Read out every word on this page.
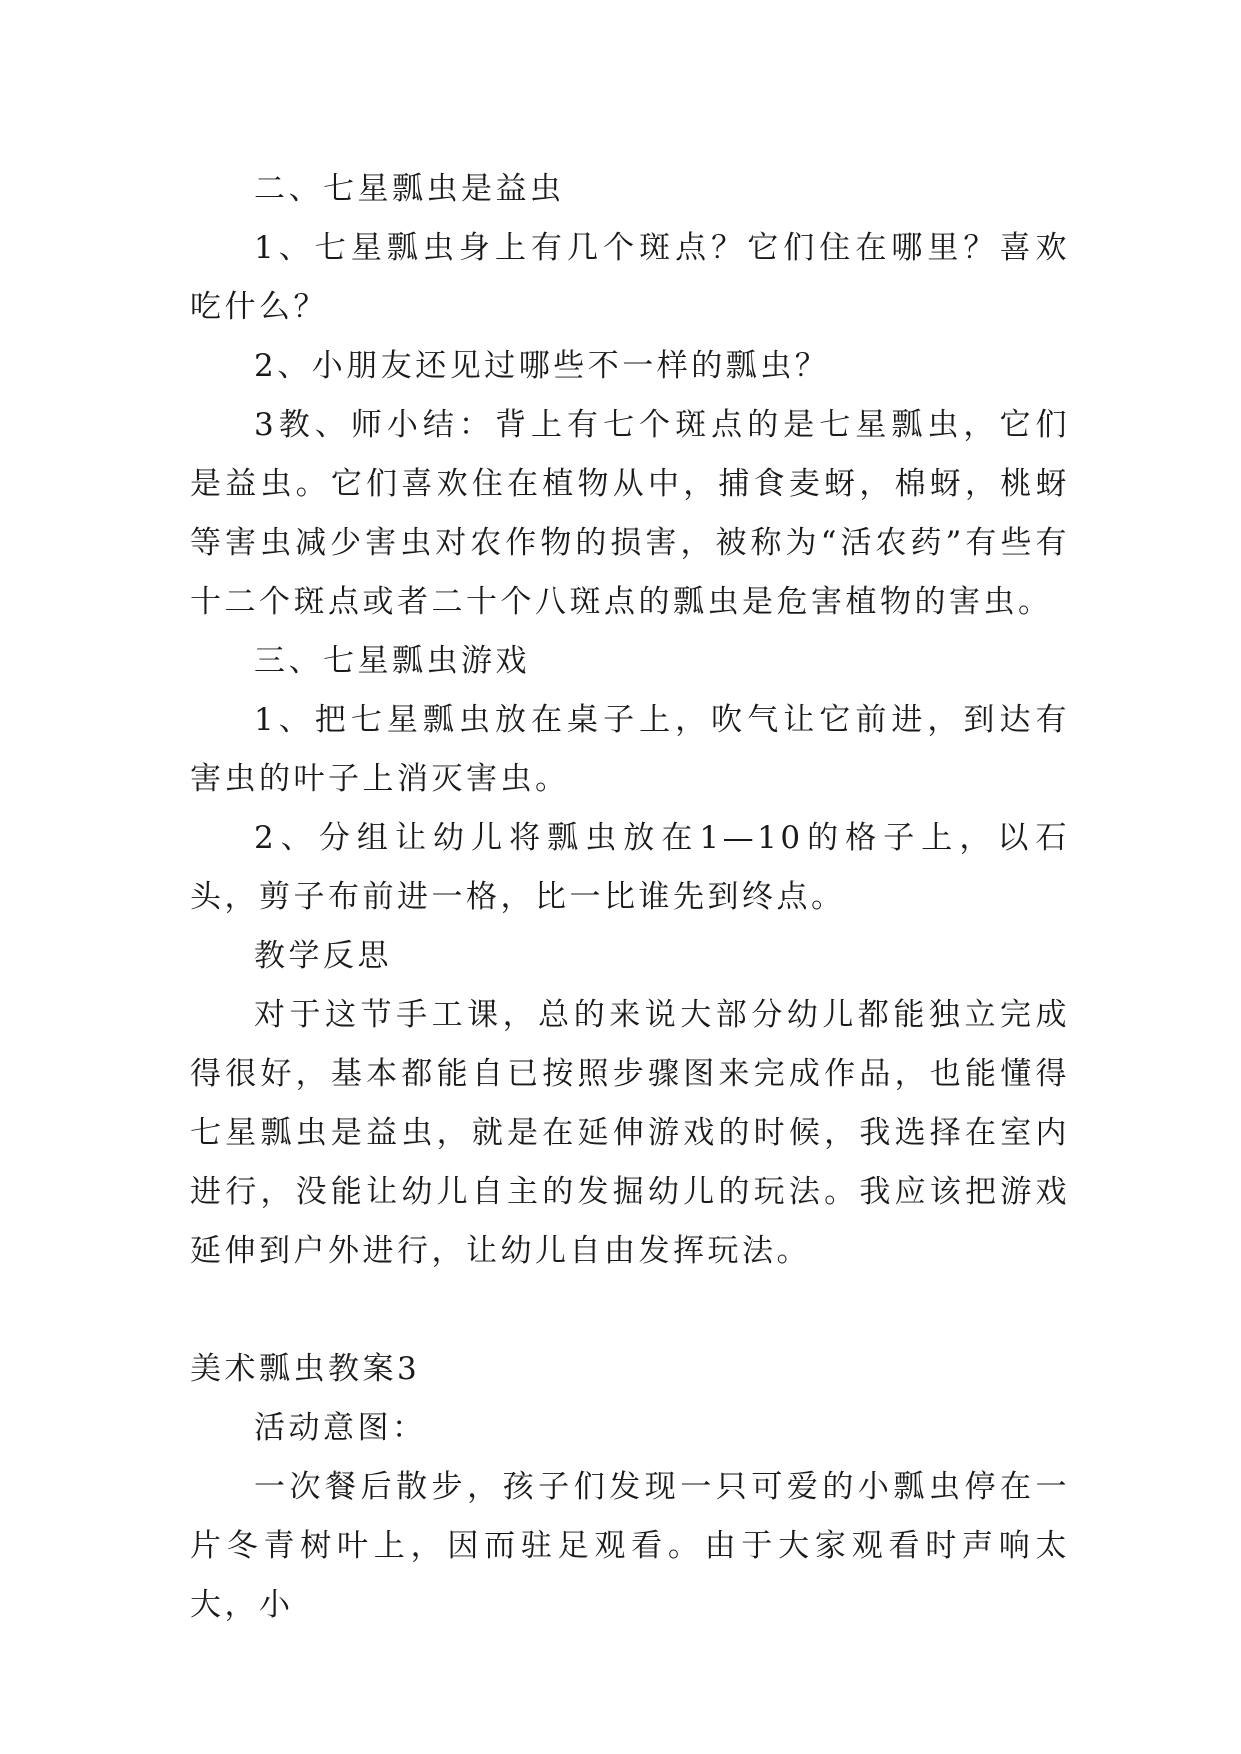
二、七星瓢虫是益虫

1、七星瓢虫身上有几个斑点？它们住在哪里？喜欢吃什么？

2、小朋友还见过哪些不一样的瓢虫？

3教、师小结：背上有七个斑点的是七星瓢虫，它们是益虫。它们喜欢住在植物从中，捕食麦蚜，棉蚜，桃蚜等害虫减少害虫对农作物的损害，被称为“活农药”有些有十二个斑点或者二十个八斑点的瓢虫是危害植物的害虫。

三、七星瓢虫游戏

1、把七星瓢虫放在桌子上，吹气让它前进，到达有害虫的叶子上消灭害虫。

2、分组让幼儿将瓢虫放在1—10的格子上，以石头，剪子布前进一格，比一比谁先到终点。

教学反思

对于这节手工课，总的来说大部分幼儿都能独立完成得很好，基本都能自已按照步骤图来完成作品，也能懂得七星瓢虫是益虫，就是在延伸游戏的时候，我选择在室内进行，没能让幼儿自主的发掘幼儿的玩法。我应该把游戏延伸到户外进行，让幼儿自由发挥玩法。

美术瓢虫教案3

活动意图：

一次餐后散步，孩子们发现一只可爱的小瓢虫停在一片冬青树叶上，因而驻足观看。由于大家观看时声响太大，小
